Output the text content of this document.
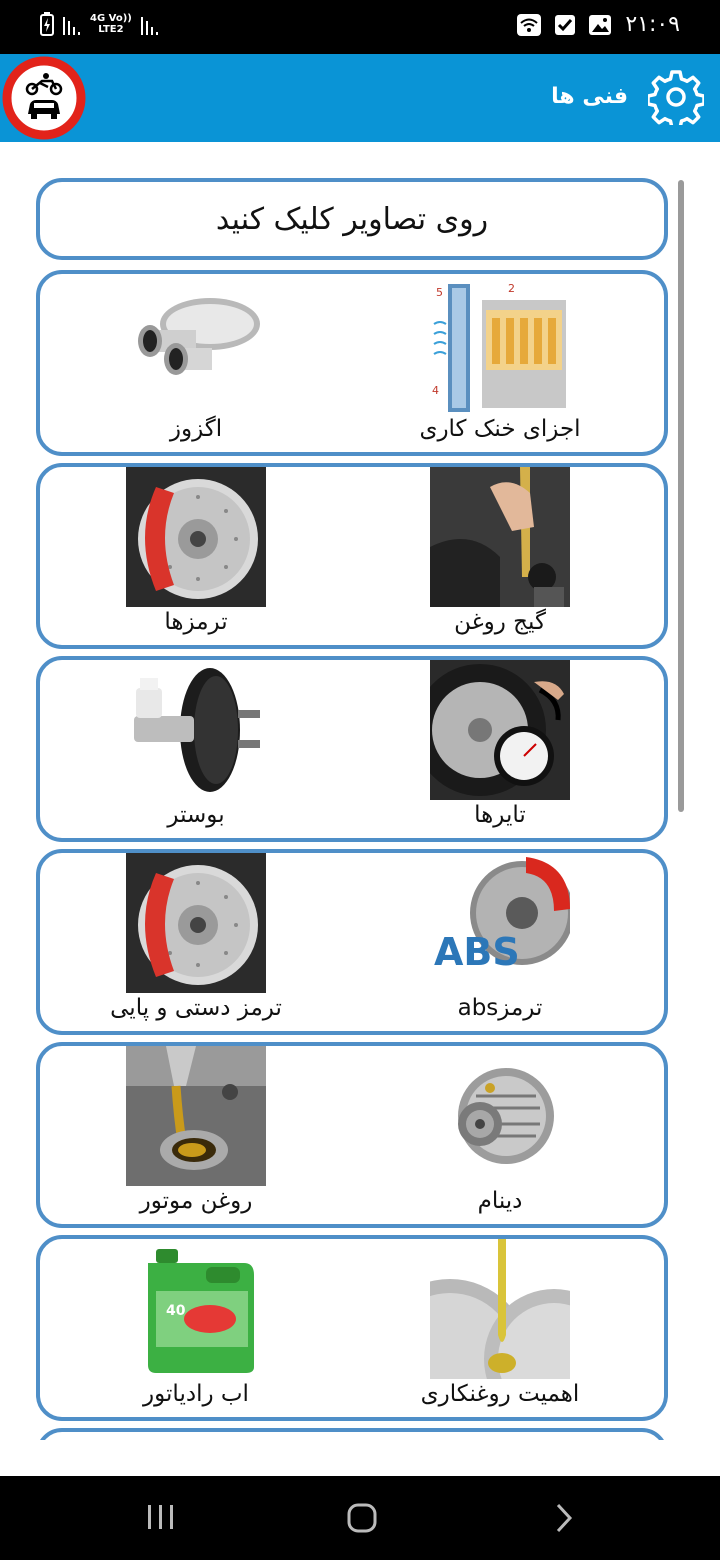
4G Vo))
LTE2	۲۱:۰۹
فنی ها
روی تصاویر کلیک کنید
5	2
4
اجزای خنک کاری
اگزوز
گیج روغن
ترمزها
تایرها
بوستر
ABS
ترمزabs
ترمز دستی و پایی
دینام
روغن موتور
اهمیت روغنکاری
40
اب رادیاتور
